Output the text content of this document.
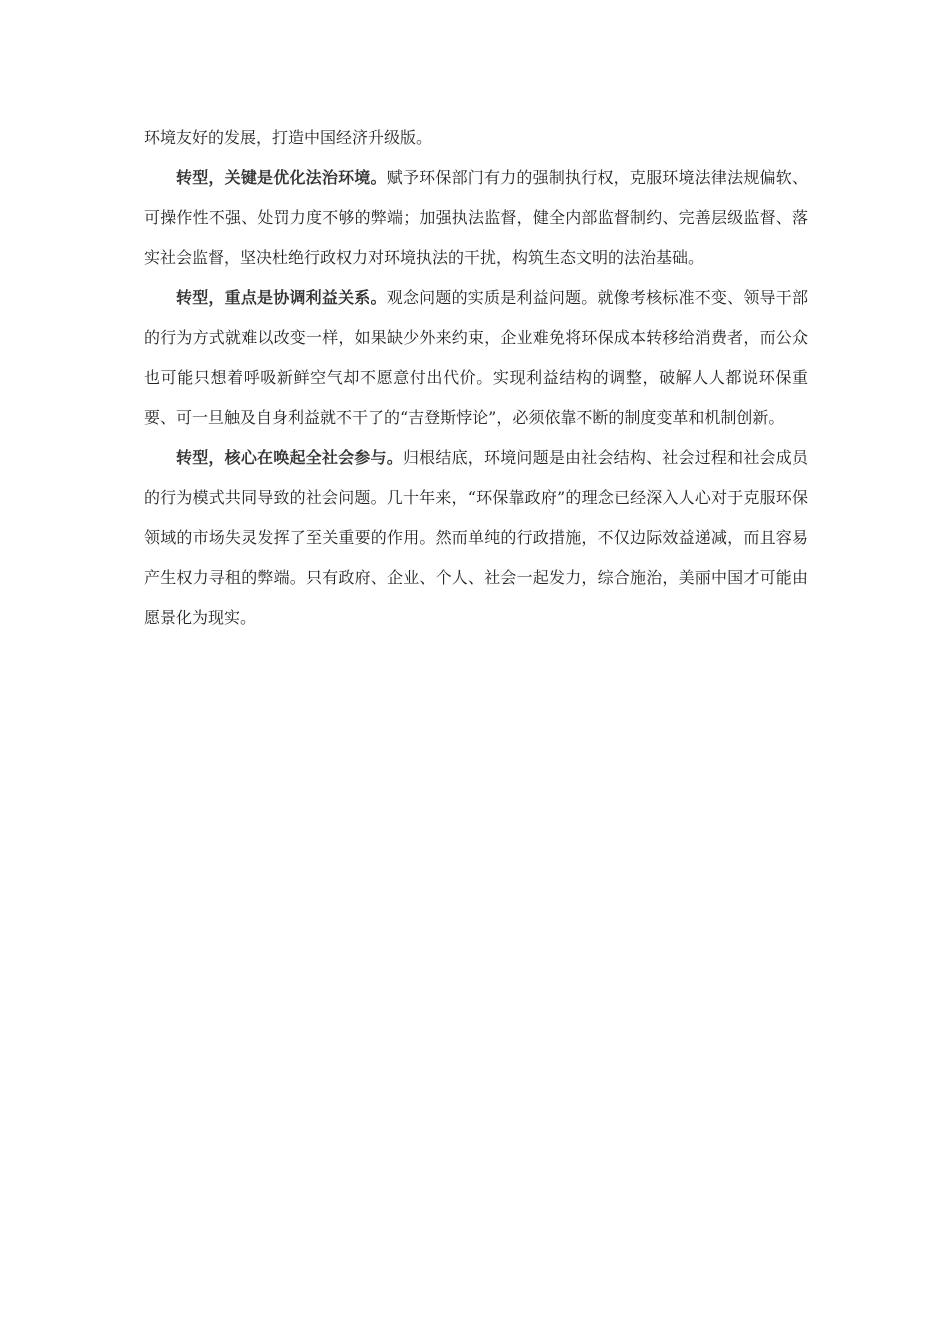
环境友好的发展，打造中国经济升级版。

转型，关键是优化法治环境。赋予环保部门有力的强制执行权，克服环境法律法规偏软、可操作性不强、处罚力度不够的弊端；加强执法监督，健全内部监督制约、完善层级监督、落实社会监督，坚决杜绝行政权力对环境执法的干扰，构筑生态文明的法治基础。

转型，重点是协调利益关系。观念问题的实质是利益问题。就像考核标准不变、领导干部的行为方式就难以改变一样，如果缺少外来约束，企业难免将环保成本转移给消费者，而公众也可能只想着呼吸新鲜空气却不愿意付出代价。实现利益结构的调整，破解人人都说环保重要、可一旦触及自身利益就不干了的“吉登斯悖论”，必须依靠不断的制度变革和机制创新。

转型，核心在唤起全社会参与。归根结底，环境问题是由社会结构、社会过程和社会成员的行为模式共同导致的社会问题。几十年来，“环保靠政府”的理念已经深入人心对于克服环保领域的市场失灵发挥了至关重要的作用。然而单纯的行政措施，不仅边际效益递减，而且容易产生权力寻租的弊端。只有政府、企业、个人、社会一起发力，综合施治，美丽中国才可能由愿景化为现实。
